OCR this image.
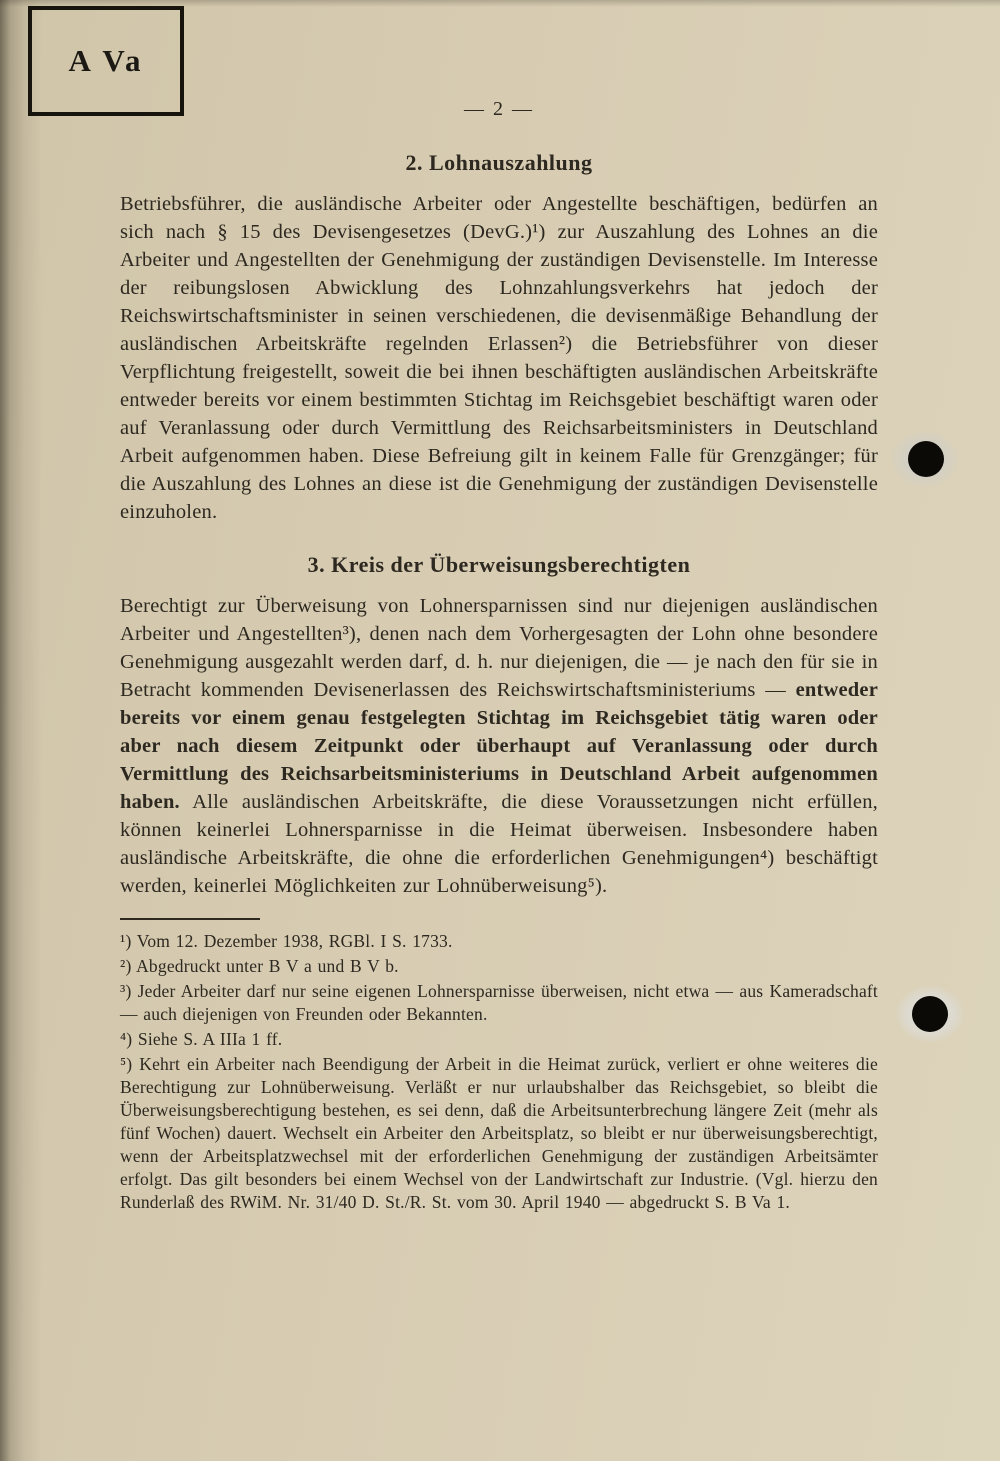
A Va
— 2 —
2. Lohnauszahlung

Betriebsführer, die ausländische Arbeiter oder Angestellte beschäftigen, bedürfen an sich nach § 15 des Devisengesetzes (DevG.)¹) zur Auszahlung des Lohnes an die Arbeiter und Angestellten der Genehmigung der zuständigen Devisenstelle. Im Interesse der reibungslosen Abwicklung des Lohnzahlungsverkehrs hat jedoch der Reichswirtschaftsminister in seinen verschiedenen, die devisenmäßige Behandlung der ausländischen Arbeitskräfte regelnden Erlassen²) die Betriebsführer von dieser Verpflichtung freigestellt, soweit die bei ihnen beschäftigten ausländischen Arbeitskräfte entweder bereits vor einem bestimmten Stichtag im Reichsgebiet beschäftigt waren oder auf Veranlassung oder durch Vermittlung des Reichsarbeitsministers in Deutschland Arbeit aufgenommen haben. Diese Befreiung gilt in keinem Falle für Grenzgänger; für die Auszahlung des Lohnes an diese ist die Genehmigung der zuständigen Devisenstelle einzuholen.

3. Kreis der Überweisungsberechtigten

Berechtigt zur Überweisung von Lohnersparnissen sind nur diejenigen ausländischen Arbeiter und Angestellten³), denen nach dem Vorhergesagten der Lohn ohne besondere Genehmigung ausgezahlt werden darf, d. h. nur diejenigen, die — je nach den für sie in Betracht kommenden Devisenerlassen des Reichswirtschaftsministeriums — entweder bereits vor einem genau festgelegten Stichtag im Reichsgebiet tätig waren oder aber nach diesem Zeitpunkt oder überhaupt auf Veranlassung oder durch Vermittlung des Reichsarbeitsministeriums in Deutschland Arbeit aufgenommen haben. Alle ausländischen Arbeitskräfte, die diese Voraussetzungen nicht erfüllen, können keinerlei Lohnersparnisse in die Heimat überweisen. Insbesondere haben ausländische Arbeitskräfte, die ohne die erforderlichen Genehmigungen⁴) beschäftigt werden, keinerlei Möglichkeiten zur Lohnüberweisung⁵).

¹) Vom 12. Dezember 1938, RGBl. I S. 1733.

²) Abgedruckt unter B V a und B V b.

³) Jeder Arbeiter darf nur seine eigenen Lohnersparnisse überweisen, nicht etwa — aus Kameradschaft — auch diejenigen von Freunden oder Bekannten.

⁴) Siehe S. A IIIa 1 ff.

⁵) Kehrt ein Arbeiter nach Beendigung der Arbeit in die Heimat zurück, verliert er ohne weiteres die Berechtigung zur Lohnüberweisung. Verläßt er nur urlaubshalber das Reichsgebiet, so bleibt die Überweisungsberechtigung bestehen, es sei denn, daß die Arbeitsunterbrechung längere Zeit (mehr als fünf Wochen) dauert. Wechselt ein Arbeiter den Arbeitsplatz, so bleibt er nur überweisungsberechtigt, wenn der Arbeitsplatzwechsel mit der erforderlichen Genehmigung der zuständigen Arbeitsämter erfolgt. Das gilt besonders bei einem Wechsel von der Landwirtschaft zur Industrie. (Vgl. hierzu den Runderlaß des RWiM. Nr. 31/40 D. St./R. St. vom 30. April 1940 — abgedruckt S. B Va 1.
